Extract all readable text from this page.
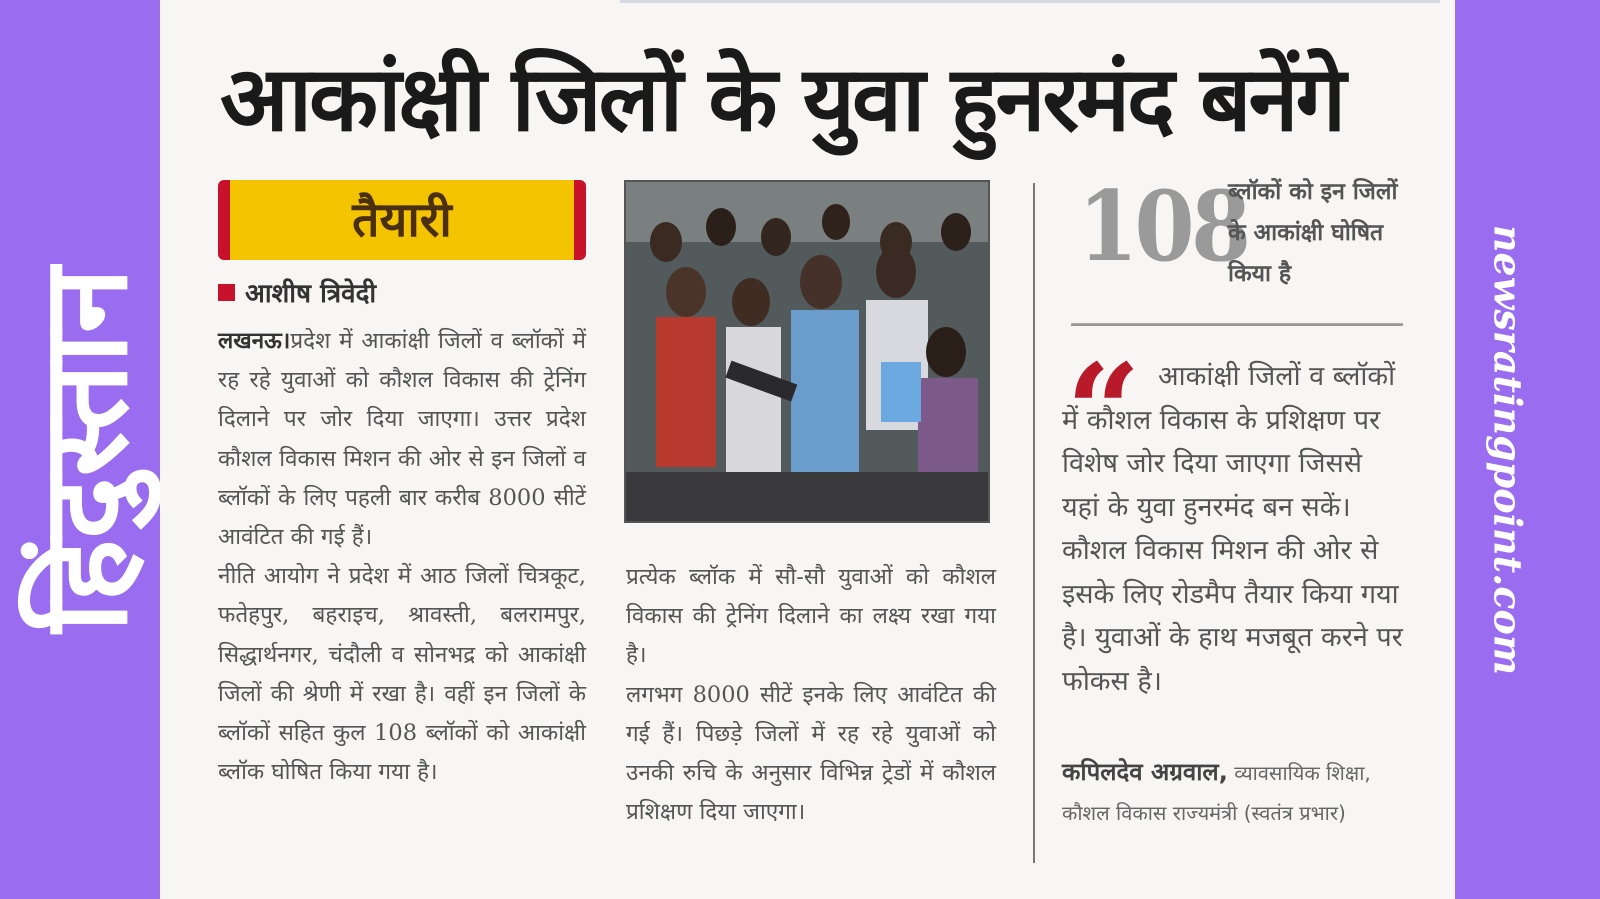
हिंदुस्तान
आकांक्षी जिलों के युवा हुनरमंद बनेंगे
तैयारी
आशीष त्रिवेदी
लखनऊ।प्रदेश में आकांक्षी जिलों व ब्लॉकों में रह रहे युवाओं को कौशल विकास की ट्रेनिंग दिलाने पर जोर दिया जाएगा। उत्तर प्रदेश कौशल विकास मिशन की ओर से इन जिलों व ब्लॉकों के लिए पहली बार करीब 8000 सीटें आवंटित की गई हैं।
नीति आयोग ने प्रदेश में आठ जिलों चित्रकूट, फतेहपुर, बहराइच, श्रावस्ती, बलरामपुर, सिद्धार्थनगर, चंदौली व सोनभद्र को आकांक्षी जिलों की श्रेणी में रखा है। वहीं इन जिलों के ब्लॉकों सहित कुल 108 ब्लॉकों को आकांक्षी ब्लॉक घोषित किया गया है।
प्रत्येक ब्लॉक में सौ-सौ युवाओं को कौशल विकास की ट्रेनिंग दिलाने का लक्ष्य रखा गया है।
लगभग 8000 सीटें इनके लिए आवंटित की गई हैं। पिछड़े जिलों में रह रहे युवाओं को उनकी रुचि के अनुसार विभिन्न ट्रेडों में कौशल प्रशिक्षण दिया जाएगा।
108
ब्लॉकों को इन जिलों के आकांक्षी घोषित किया है
“ आकांक्षी जिलों व ब्लॉकों में कौशल विकास के प्रशिक्षण पर विशेष जोर दिया जाएगा जिससे यहां के युवा हुनरमंद बन सकें। कौशल विकास मिशन की ओर से इसके लिए रोडमैप तैयार किया गया है। युवाओं के हाथ मजबूत करने पर फोकस है।
कपिलदेव अग्रवाल, व्यावसायिक शिक्षा, कौशल विकास राज्यमंत्री (स्वतंत्र प्रभार)
newsratingpoint.com
